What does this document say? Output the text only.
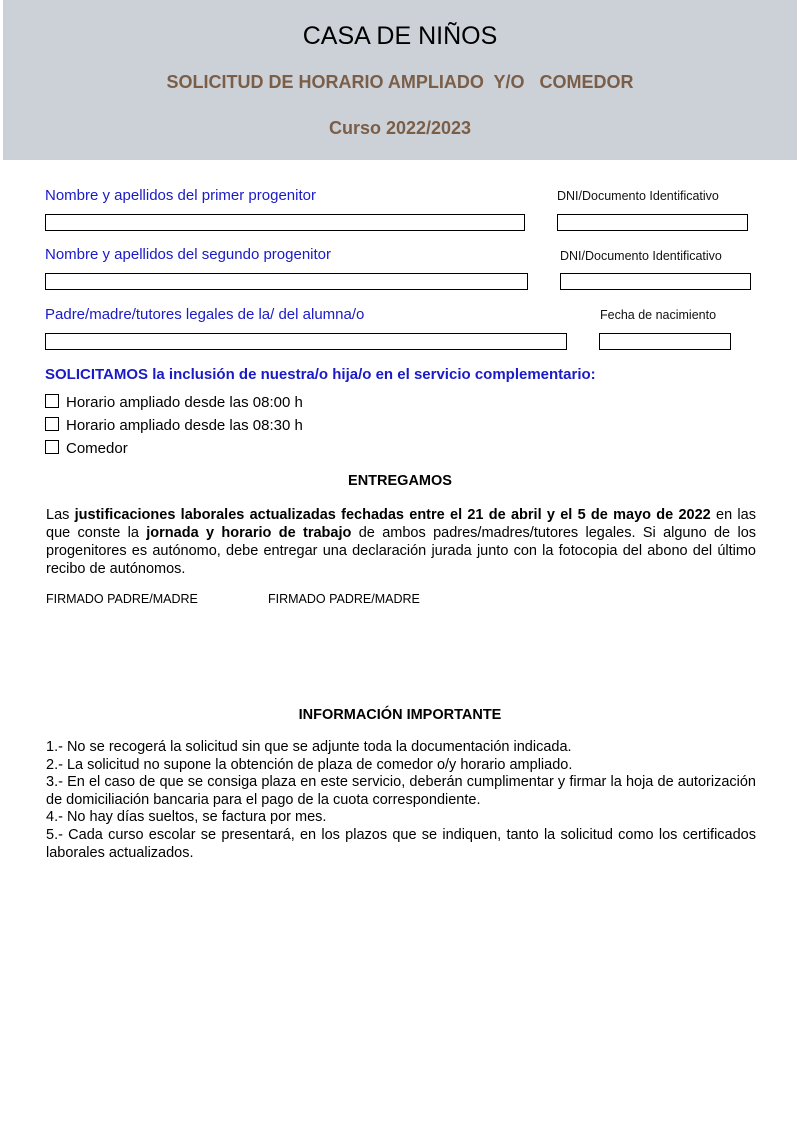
CASA DE NIÑOS
SOLICITUD DE HORARIO AMPLIADO  Y/O   COMEDOR
Curso 2022/2023
Nombre y apellidos del primer progenitor	DNI/Documento Identificativo
Nombre y apellidos del segundo progenitor	DNI/Documento Identificativo
Padre/madre/tutores legales de la/ del alumna/o	Fecha de nacimiento
SOLICITAMOS la inclusión de nuestra/o hija/o en el servicio complementario:
Horario ampliado desde las 08:00 h
Horario ampliado desde las 08:30 h
Comedor
ENTREGAMOS
Las justificaciones laborales actualizadas fechadas entre el 21 de abril y el 5 de mayo de 2022 en las que conste la jornada y horario de trabajo de ambos padres/madres/tutores legales. Si alguno de los progenitores es autónomo, debe entregar una declaración jurada junto con la fotocopia del abono del último recibo de autónomos.
FIRMADO PADRE/MADRE	FIRMADO PADRE/MADRE
INFORMACIÓN IMPORTANTE
1.- No se recogerá la solicitud sin que se adjunte toda la documentación indicada.
2.- La solicitud no supone la obtención de plaza de comedor o/y horario ampliado.
3.- En el caso de que se consiga plaza en este servicio, deberán cumplimentar y firmar la hoja de autorización de domiciliación bancaria para el pago de la cuota correspondiente.
4.- No hay días sueltos, se factura por mes.
5.- Cada curso escolar se presentará, en los plazos que se indiquen, tanto la solicitud como los certificados laborales actualizados.
